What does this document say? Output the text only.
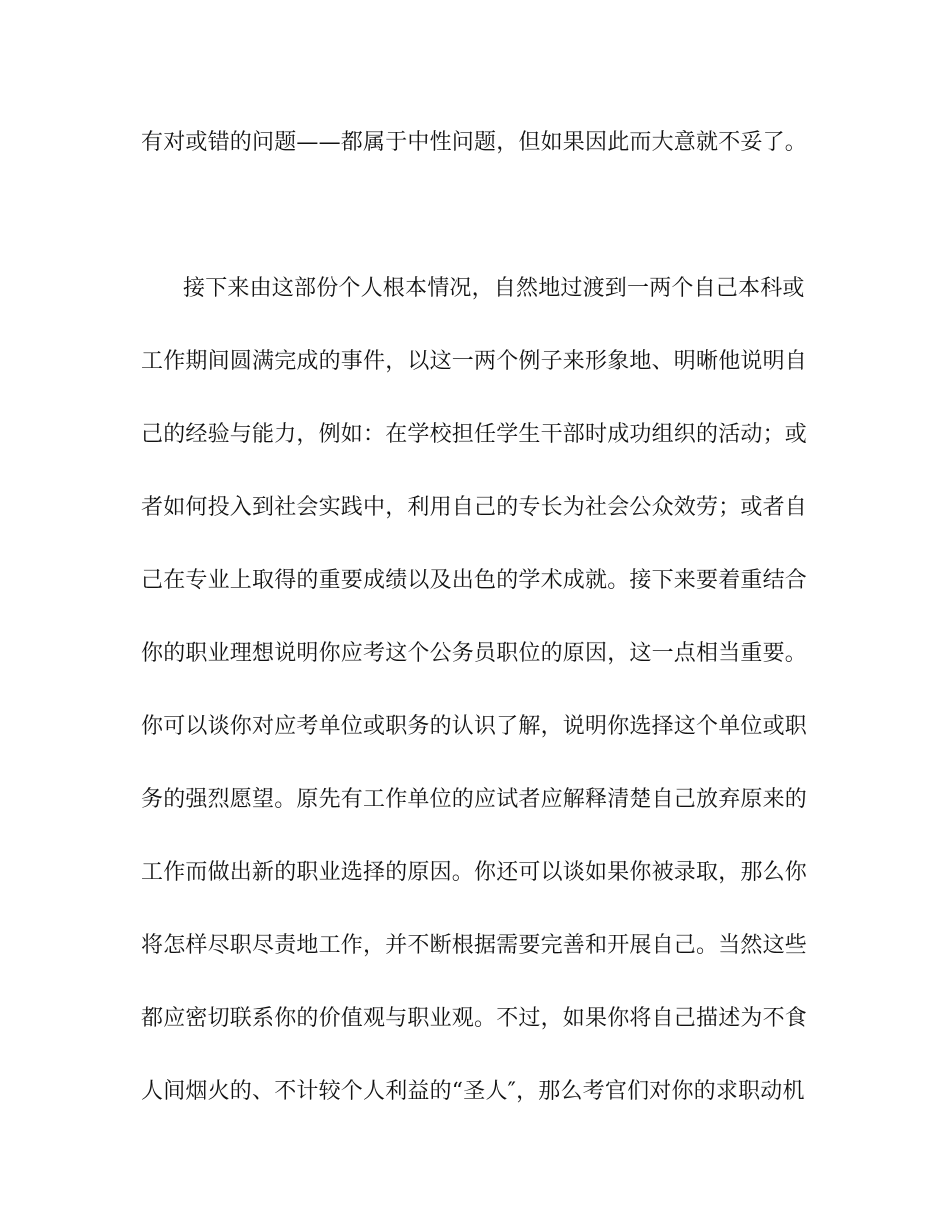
有对或错的问题——都属于中性问题，但如果因此而大意就不妥了。
接下来由这部份个人根本情况，自然地过渡到一两个自己本科或
工作期间圆满完成的事件，以这一两个例子来形象地、明晰他说明自
己的经验与能力，例如：在学校担任学生干部时成功组织的活动；或
者如何投入到社会实践中，利用自己的专长为社会公众效劳；或者自
己在专业上取得的重要成绩以及出色的学术成就。接下来要着重结合
你的职业理想说明你应考这个公务员职位的原因，这一点相当重要。
你可以谈你对应考单位或职务的认识了解，说明你选择这个单位或职
务的强烈愿望。原先有工作单位的应试者应解释清楚自己放弃原来的
工作而做出新的职业选择的原因。你还可以谈如果你被录取，那么你
将怎样尽职尽责地工作，并不断根据需要完善和开展自己。当然这些
都应密切联系你的价值观与职业观。不过，如果你将自己描述为不食
人间烟火的、不计较个人利益的“圣人″，那么考官们对你的求职动机
